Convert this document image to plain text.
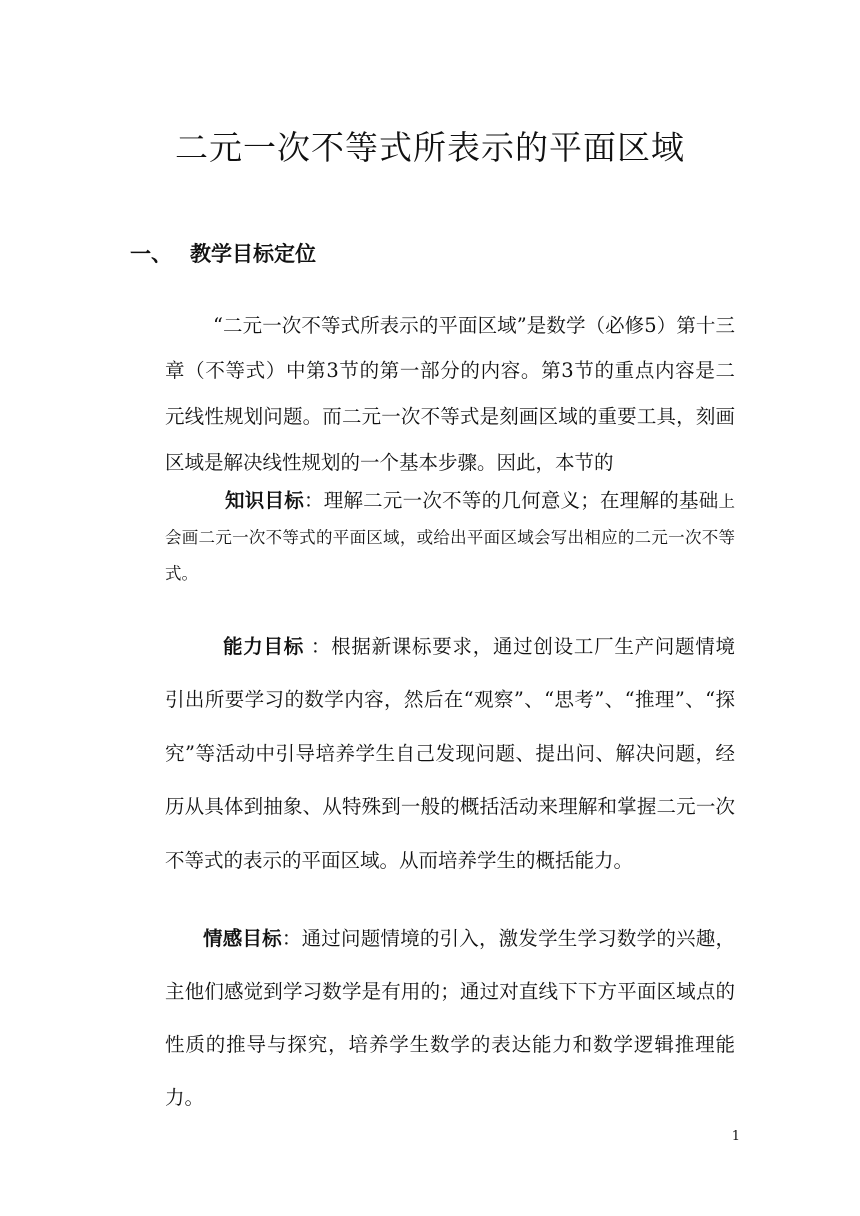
二元一次不等式所表示的平面区域
一、 教学目标定位

“二元一次不等式所表示的平面区域”是数学（必修5）第十三章（不等式）中第3节的第一部分的内容。第3节的重点内容是二元线性规划问题。而二元一次不等式是刻画区域的重要工具，刻画区域是解决线性规划的一个基本步骤。因此，本节的

知识目标：理解二元一次不等的几何意义；在理解的基础上会画二元一次不等式的平面区域，或给出平面区域会写出相应的二元一次不等式。

能力目标 ：根据新课标要求，通过创设工厂生产问题情境引出所要学习的数学内容，然后在“观察”、“思考”、“推理”、“探究”等活动中引导培养学生自己发现问题、提出问、解决问题，经历从具体到抽象、从特殊到一般的概括活动来理解和掌握二元一次不等式的表示的平面区域。从而培养学生的概括能力。

情感目标：通过问题情境的引入，激发学生学习数学的兴趣，主他们感觉到学习数学是有用的；通过对直线下下方平面区域点的性质的推导与探究，培养学生数学的表达能力和数学逻辑推理能力。

1
